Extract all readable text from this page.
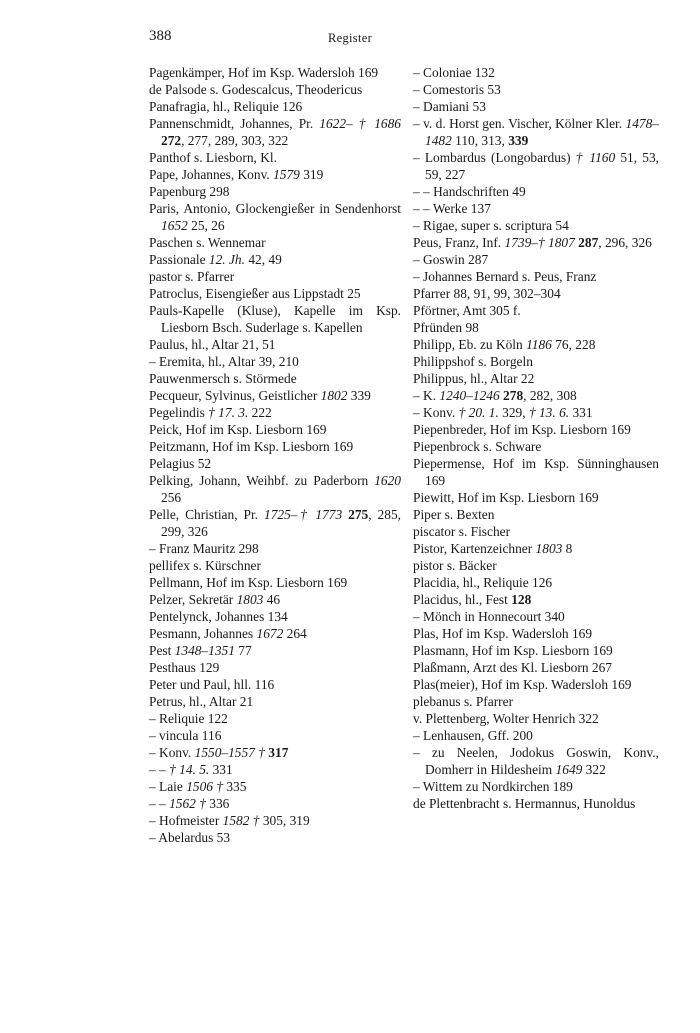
388	Register
Pagenkämper, Hof im Ksp. Wadersloh 169
de Palsode s. Godescalcus, Theodericus
Panafragia, hl., Reliquie 126
Pannenschmidt, Johannes, Pr. 1622– † 1686 272, 277, 289, 303, 322
Panthof s. Liesborn, Kl.
Pape, Johannes, Konv. 1579 319
Papenburg 298
Paris, Antonio, Glockengießer in Sendenhorst 1652 25, 26
Paschen s. Wennemar
Passionale 12. Jh. 42, 49
pastor s. Pfarrer
Patroclus, Eisengießer aus Lippstadt 25
Pauls-Kapelle (Kluse), Kapelle im Ksp. Liesborn Bsch. Suderlage s. Kapellen
Paulus, hl., Altar 21, 51
– Eremita, hl., Altar 39, 210
Pauwenmersch s. Störmede
Pecqueur, Sylvinus, Geistlicher 1802 339
Pegelindis † 17. 3. 222
Peick, Hof im Ksp. Liesborn 169
Peitzmann, Hof im Ksp. Liesborn 169
Pelagius 52
Pelking, Johann, Weihbf. zu Paderborn 1620 256
Pelle, Christian, Pr. 1725–† 1773 275, 285, 299, 326
– Franz Mauritz 298
pellifex s. Kürschner
Pellmann, Hof im Ksp. Liesborn 169
Pelzer, Sekretär 1803 46
Pentelynck, Johannes 134
Pesmann, Johannes 1672 264
Pest 1348–1351 77
Pesthaus 129
Peter und Paul, hll. 116
Petrus, hl., Altar 21
– Reliquie 122
– vincula 116
– Konv. 1550–1557 † 317
– – † 14. 5. 331
– Laie 1506 † 335
– – 1562 † 336
– Hofmeister 1582 † 305, 319
– Abelardus 53
– Coloniae 132
– Comestoris 53
– Damiani 53
– v. d. Horst gen. Vischer, Kölner Kler. 1478–1482 110, 313, 339
– Lombardus (Longobardus) † 1160 51, 53, 59, 227
– – Handschriften 49
– – Werke 137
– Rigae, super s. scriptura 54
Peus, Franz, Inf. 1739–† 1807 287, 296, 326
– Goswin 287
– Johannes Bernard s. Peus, Franz
Pfarrer 88, 91, 99, 302–304
Pförtner, Amt 305 f.
Pfründen 98
Philipp, Eb. zu Köln 1186 76, 228
Philippshof s. Borgeln
Philippus, hl., Altar 22
– K. 1240–1246 278, 282, 308
– Konv. † 20. 1. 329, † 13. 6. 331
Piepenbreder, Hof im Ksp. Liesborn 169
Piepenbrock s. Schwarе
Piepermense, Hof im Ksp. Sünninghausen 169
Piewitt, Hof im Ksp. Liesborn 169
Piper s. Bexten
piscator s. Fischer
Pistor, Kartenzeichner 1803 8
pistor s. Bäcker
Placidia, hl., Reliquie 126
Placidus, hl., Fest 128
– Mönch in Honnecourt 340
Plas, Hof im Ksp. Wadersloh 169
Plasmann, Hof im Ksp. Liesborn 169
Plaßmann, Arzt des Kl. Liesborn 267
Plas(meier), Hof im Ksp. Wadersloh 169
plebanus s. Pfarrer
v. Plettenberg, Wolter Henrich 322
– Lenhausen, Gff. 200
– zu Neelen, Jodokus Goswin, Konv., Domherr in Hildesheim 1649 322
– Wittem zu Nordkirchen 189
de Plettenbracht s. Hermannus, Hunoldus
